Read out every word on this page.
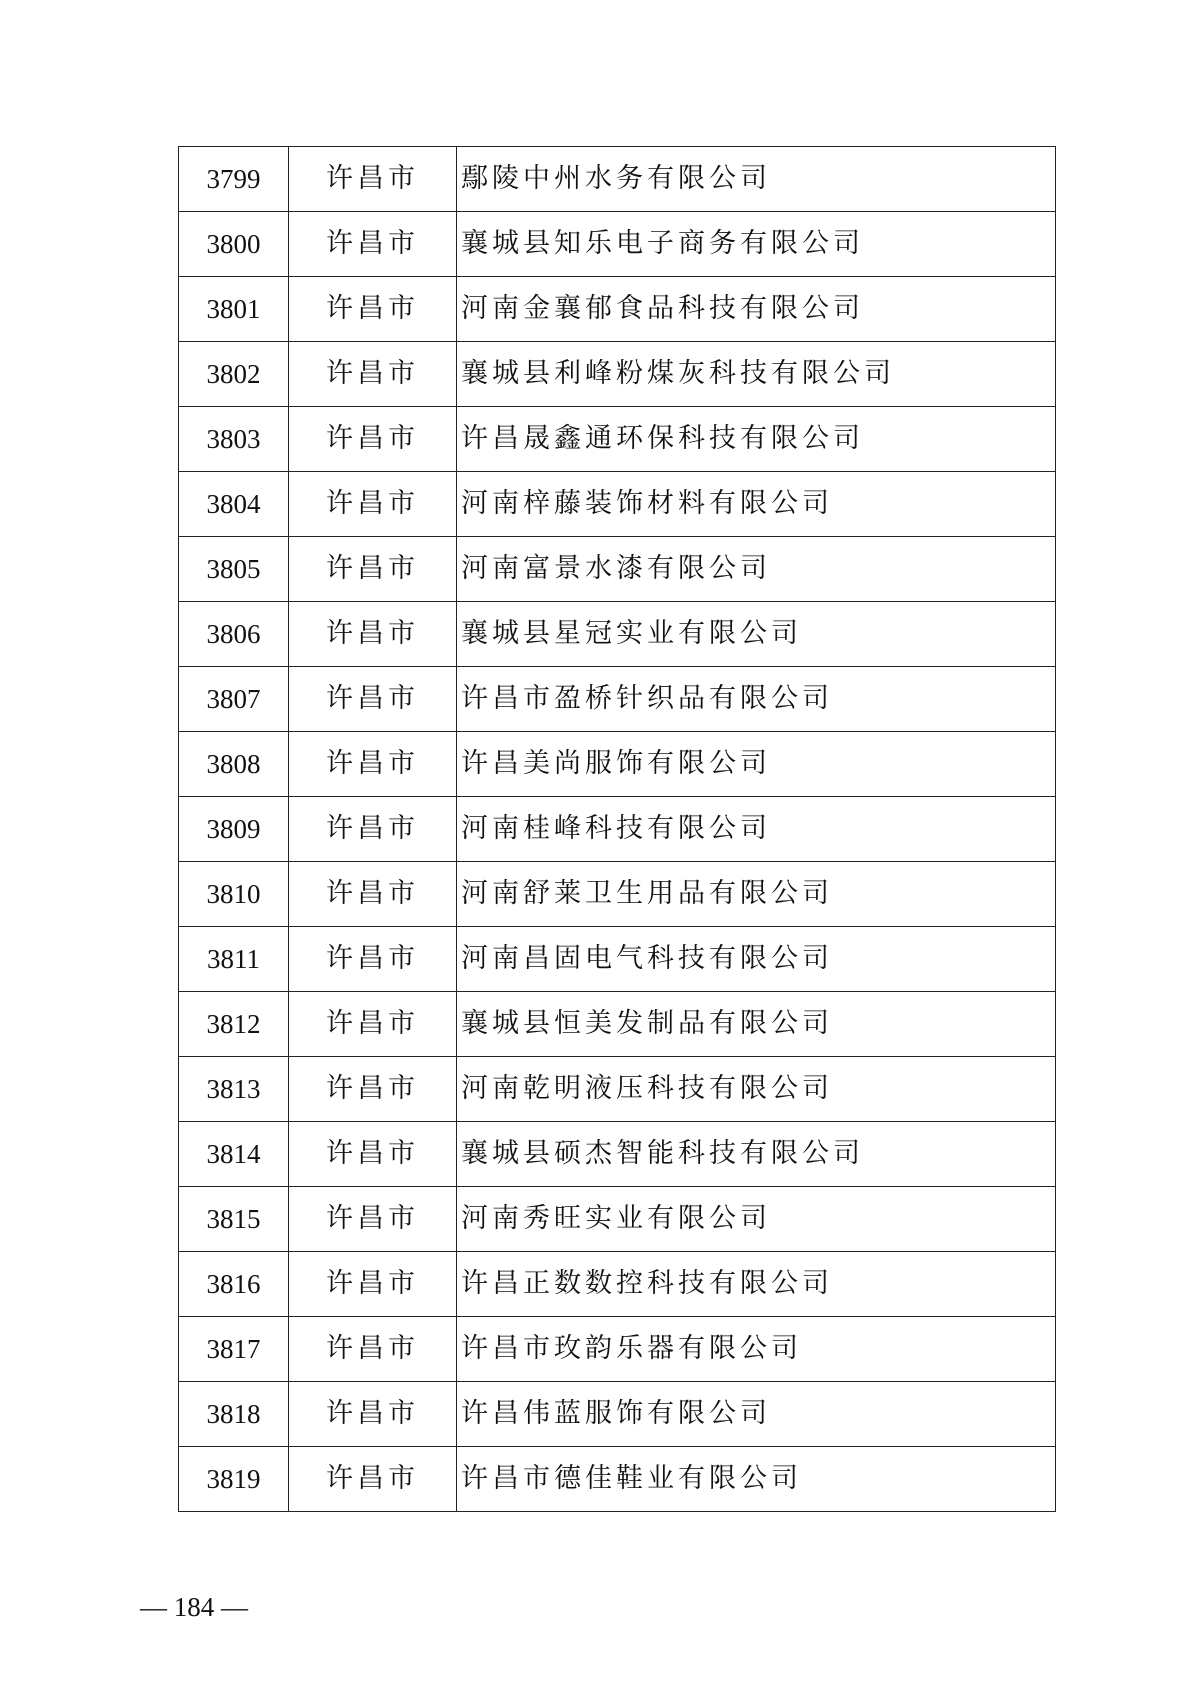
3799	许昌市	鄢陵中州水务有限公司
3800	许昌市	襄城县知乐电子商务有限公司
3801	许昌市	河南金襄郁食品科技有限公司
3802	许昌市	襄城县利峰粉煤灰科技有限公司
3803	许昌市	许昌晟鑫通环保科技有限公司
3804	许昌市	河南梓藤装饰材料有限公司
3805	许昌市	河南富景水漆有限公司
3806	许昌市	襄城县星冠实业有限公司
3807	许昌市	许昌市盈桥针织品有限公司
3808	许昌市	许昌美尚服饰有限公司
3809	许昌市	河南桂峰科技有限公司
3810	许昌市	河南舒莱卫生用品有限公司
3811	许昌市	河南昌固电气科技有限公司
3812	许昌市	襄城县恒美发制品有限公司
3813	许昌市	河南乾明液压科技有限公司
3814	许昌市	襄城县硕杰智能科技有限公司
3815	许昌市	河南秀旺实业有限公司
3816	许昌市	许昌正数数控科技有限公司
3817	许昌市	许昌市玫韵乐器有限公司
3818	许昌市	许昌伟蓝服饰有限公司
3819	许昌市	许昌市德佳鞋业有限公司
— 184 —
